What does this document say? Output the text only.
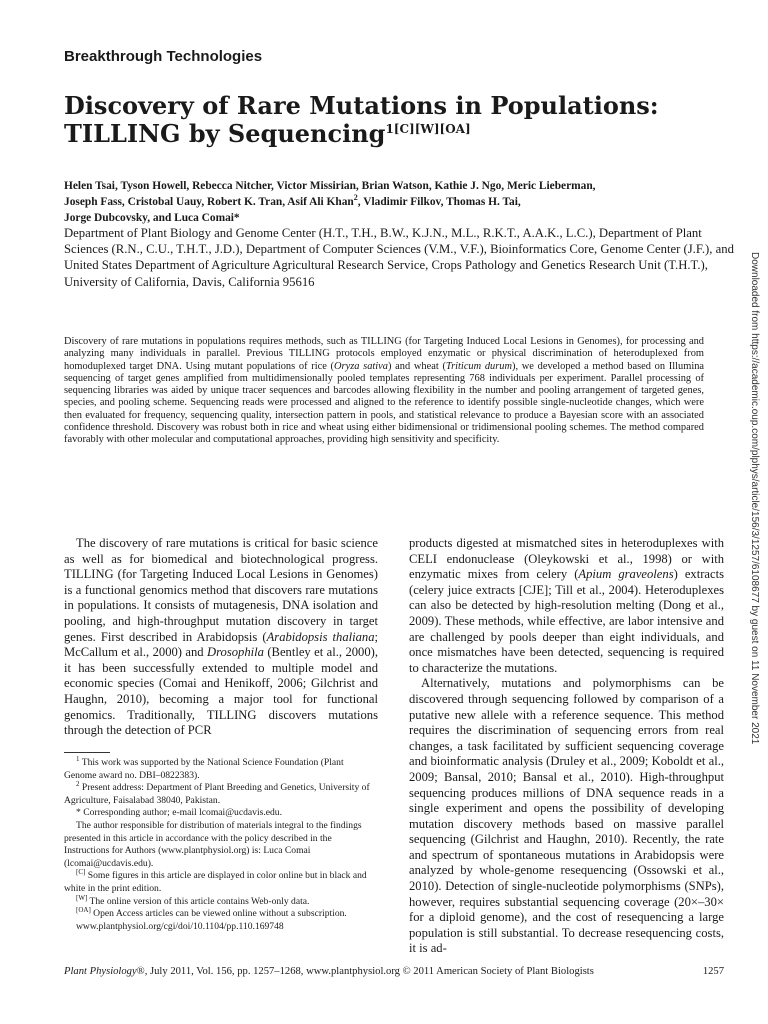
Breakthrough Technologies
Discovery of Rare Mutations in Populations:
TILLING by Sequencing$^{1[C][W][OA]}$
Helen Tsai, Tyson Howell, Rebecca Nitcher, Victor Missirian, Brian Watson, Kathie J. Ngo, Meric Lieberman,
Joseph Fass, Cristobal Uauy, Robert K. Tran, Asif Ali Khan$^2$, Vladimir Filkov, Thomas H. Tai,
Jorge Dubcovsky, and Luca Comai*
Department of Plant Biology and Genome Center (H.T., T.H., B.W., K.J.N., M.L., R.K.T., A.A.K., L.C.), Department of Plant Sciences (R.N., C.U., T.H.T., J.D.), Department of Computer Sciences (V.M., V.F.), Bioinformatics Core, Genome Center (J.F.), and United States Department of Agriculture Agricultural Research Service, Crops Pathology and Genetics Research Unit (T.H.T.), University of California, Davis, California 95616
Discovery of rare mutations in populations requires methods, such as TILLING (for Targeting Induced Local Lesions in Genomes), for processing and analyzing many individuals in parallel. Previous TILLING protocols employed enzymatic or physical discrimination of heteroduplexed from homoduplexed target DNA. Using mutant populations of rice (Oryza sativa) and wheat (Triticum durum), we developed a method based on Illumina sequencing of target genes amplified from multidimensionally pooled templates representing 768 individuals per experiment. Parallel processing of sequencing libraries was aided by unique tracer sequences and barcodes allowing flexibility in the number and pooling arrangement of targeted genes, species, and pooling scheme. Sequencing reads were processed and aligned to the reference to identify possible single-nucleotide changes, which were then evaluated for frequency, sequencing quality, intersection pattern in pools, and statistical relevance to produce a Bayesian score with an associated confidence threshold. Discovery was robust both in rice and wheat using either bidimensional or tridimensional pooling schemes. The method compared favorably with other molecular and computational approaches, providing high sensitivity and specificity.

The discovery of rare mutations is critical for basic science as well as for biomedical and biotechnological progress. TILLING (for Targeting Induced Local Lesions in Genomes) is a functional genomics method that discovers rare mutations in populations. It consists of mutagenesis, DNA isolation and pooling, and high-throughput mutation discovery in target genes. First described in Arabidopsis (Arabidopsis thaliana; McCallum et al., 2000) and Drosophila (Bentley et al., 2000), it has been successfully extended to multiple model and economic species (Comai and Henikoff, 2006; Gilchrist and Haughn, 2010), becoming a major tool for functional genomics. Traditionally, TILLING discovers mutations through the detection of PCR

$^1$ This work was supported by the National Science Foundation (Plant Genome award no. DBI–0822383).

$^2$ Present address: Department of Plant Breeding and Genetics, University of Agriculture, Faisalabad 38040, Pakistan.

* Corresponding author; e-mail lcomai@ucdavis.edu.

The author responsible for distribution of materials integral to the findings presented in this article in accordance with the policy described in the Instructions for Authors (www.plantphysiol.org) is: Luca Comai (lcomai@ucdavis.edu).

[C] Some figures in this article are displayed in color online but in black and white in the print edition.

[W] The online version of this article contains Web-only data.

[OA] Open Access articles can be viewed online without a subscription.

www.plantphysiol.org/cgi/doi/10.1104/pp.110.169748

products digested at mismatched sites in heteroduplexes with CELI endonuclease (Oleykowski et al., 1998) or with enzymatic mixes from celery (Apium graveolens) extracts (celery juice extracts [CJE]; Till et al., 2004). Heteroduplexes can also be detected by high-resolution melting (Dong et al., 2009). These methods, while effective, are labor intensive and are challenged by pools deeper than eight individuals, and once mismatches have been detected, sequencing is required to characterize the mutations.

Alternatively, mutations and polymorphisms can be discovered through sequencing followed by comparison of a putative new allele with a reference sequence. This method requires the discrimination of sequencing errors from real changes, a task facilitated by sufficient sequencing coverage and bioinformatic analysis (Druley et al., 2009; Koboldt et al., 2009; Bansal, 2010; Bansal et al., 2010). High-throughput sequencing produces millions of DNA sequence reads in a single experiment and opens the possibility of developing mutation discovery methods based on massive parallel sequencing (Gilchrist and Haughn, 2010). Recently, the rate and spectrum of spontaneous mutations in Arabidopsis were analyzed by whole-genome resequencing (Ossowski et al., 2010). Detection of single-nucleotide polymorphisms (SNPs), however, requires substantial sequencing coverage (20×–30× for a diploid genome), and the cost of resequencing a large population is still substantial. To decrease resequencing costs, it is ad-

Plant Physiology®, July 2011, Vol. 156, pp. 1257–1268, www.plantphysiol.org © 2011 American Society of Plant Biologists	1257
Downloaded from https://academic.oup.com/plphys/article/156/3/1257/6108677 by guest on 11 November 2021
